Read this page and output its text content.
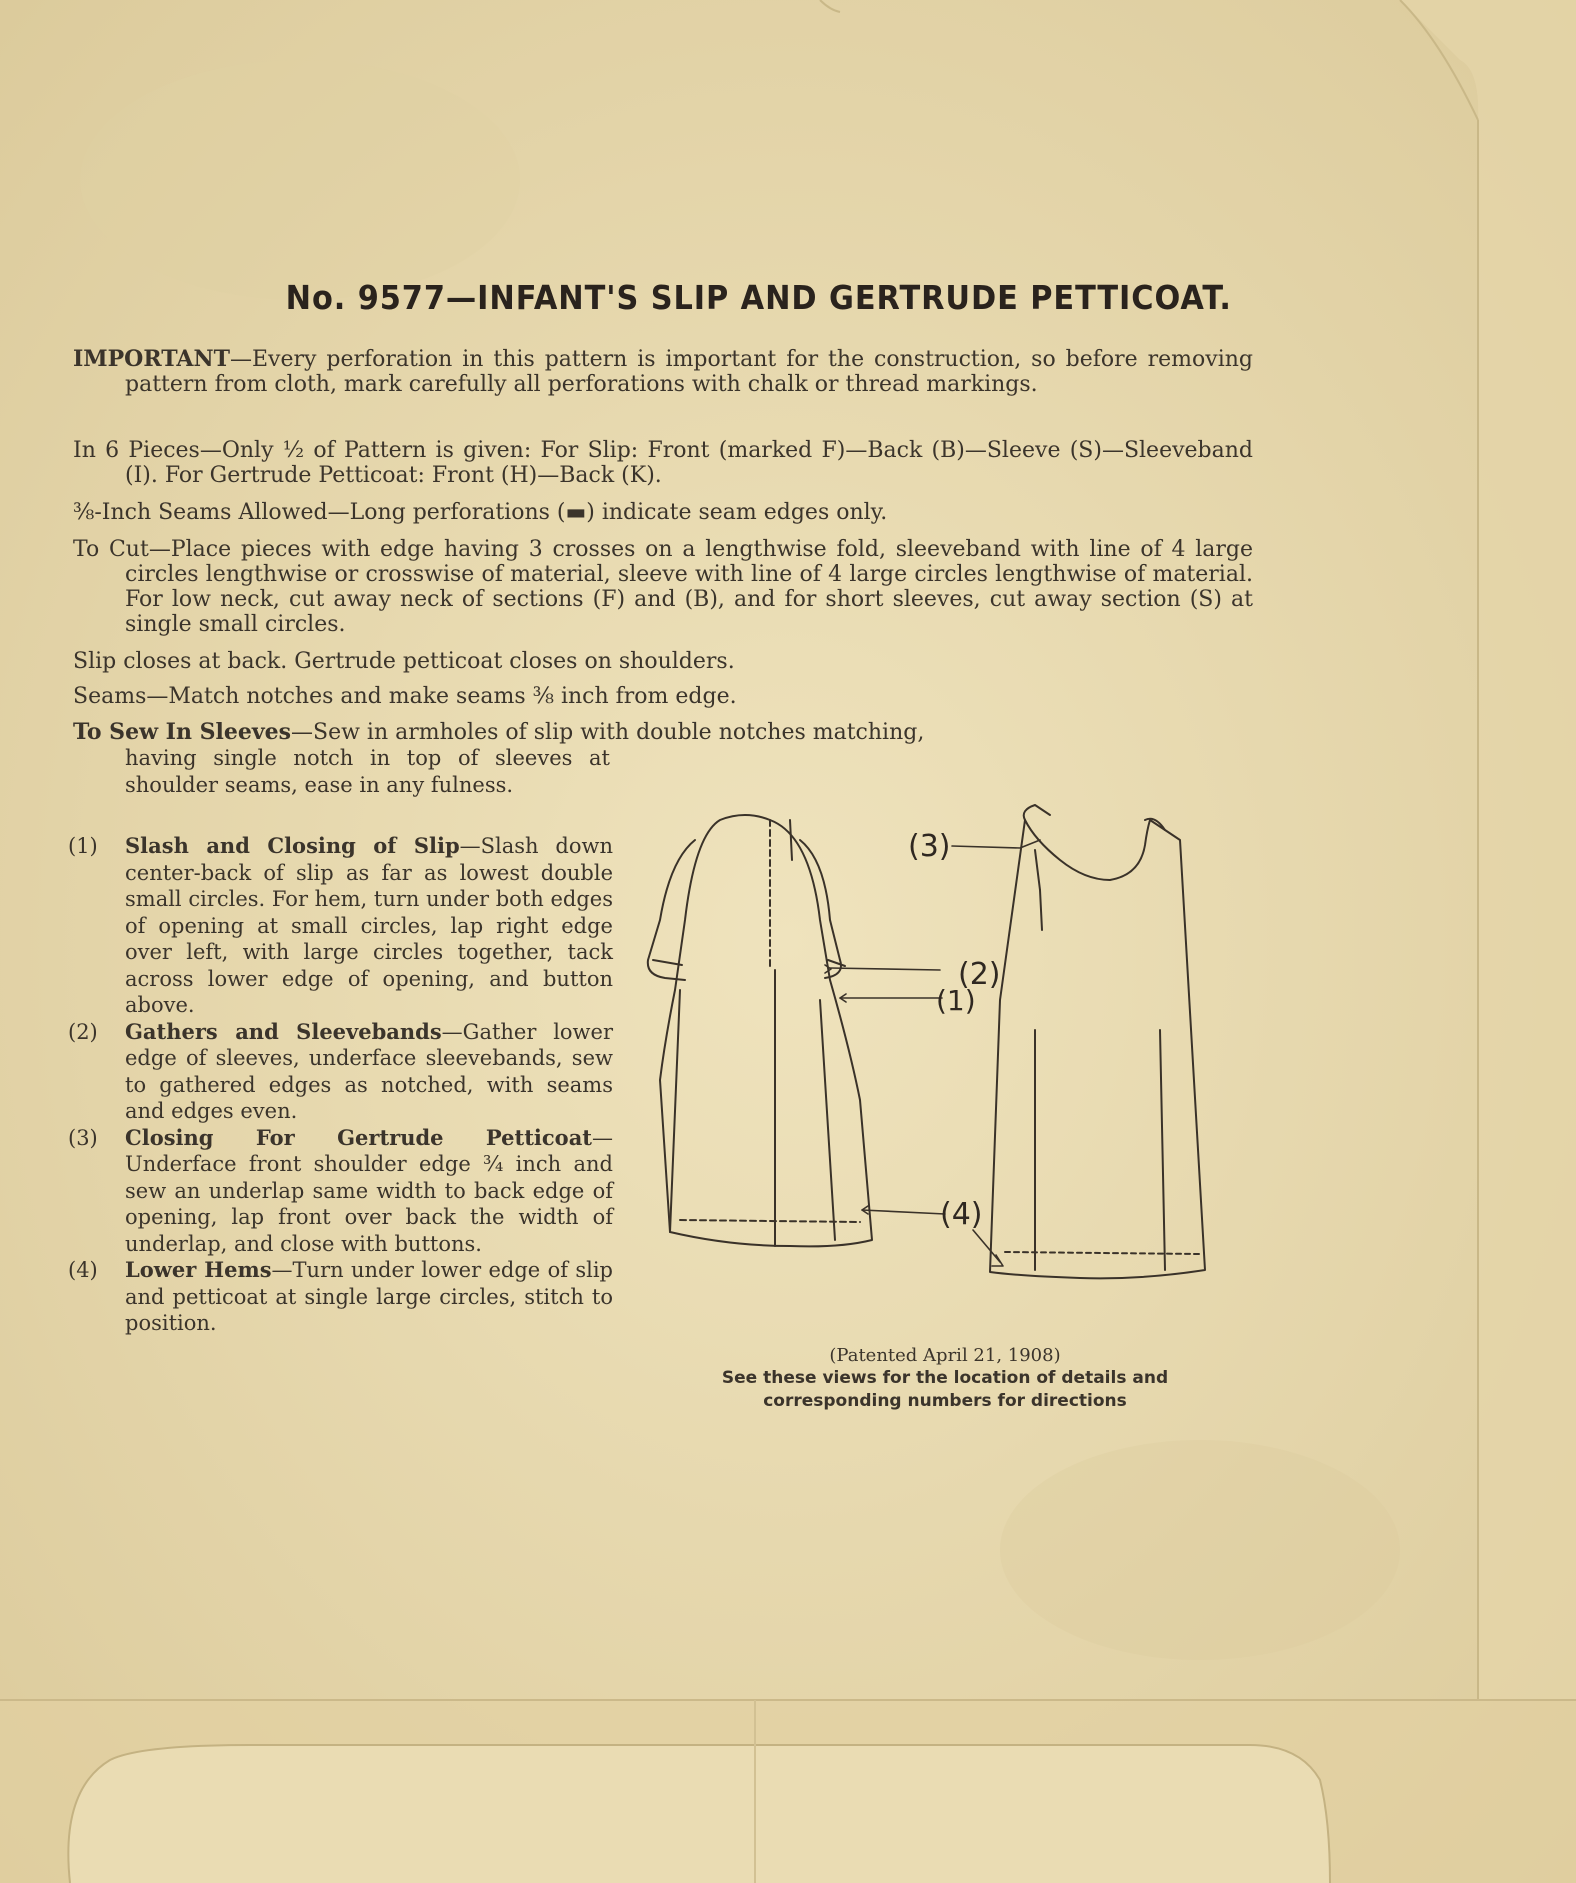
No. 9577—INFANT'S SLIP AND GERTRUDE PETTICOAT.

IMPORTANT—Every perforation in this pattern is important for the construction, so before removing pattern from cloth, mark carefully all perforations with chalk or thread markings.

In 6 Pieces—Only ½ of Pattern is given: For Slip: Front (marked F)—Back (B)—Sleeve (S)—Sleeveband (I). For Gertrude Petticoat: Front (H)—Back (K).

⅜-Inch Seams Allowed—Long perforations (▬) indicate seam edges only.

To Cut—Place pieces with edge having 3 crosses on a lengthwise fold, sleeveband with line of 4 large circles lengthwise or crosswise of material, sleeve with line of 4 large circles lengthwise of material. For low neck, cut away neck of sections (F) and (B), and for short sleeves, cut away section (S) at single small circles.

Slip closes at back. Gertrude petticoat closes on shoulders.

Seams—Match notches and make seams ⅜ inch from edge.

To Sew In Sleeves—Sew in armholes of slip with double notches matching,

having single notch in top of sleeves at shoulder seams, ease in any fulness.
(1)	Slash and Closing of Slip—Slash down center-back of slip as far as lowest double small circles. For hem, turn under both edges of opening at small circles, lap right edge over left, with large circles together, tack across lower edge of opening, and button above.
(2)	Gathers and Sleevebands—Gather lower edge of sleeves, underface sleevebands, sew to gathered edges as notched, with seams and edges even.
(3)	Closing For Gertrude Petticoat—Underface front shoulder edge ¾ inch and sew an underlap same width to back edge of opening, lap front over back the width of underlap, and close with buttons.
(4)	Lower Hems—Turn under lower edge of slip and petticoat at single large circles, stitch to position.
(3)
(2)
(1)
(4)
(Patented April 21, 1908)
See these views for the location of details and
corresponding numbers for directions
